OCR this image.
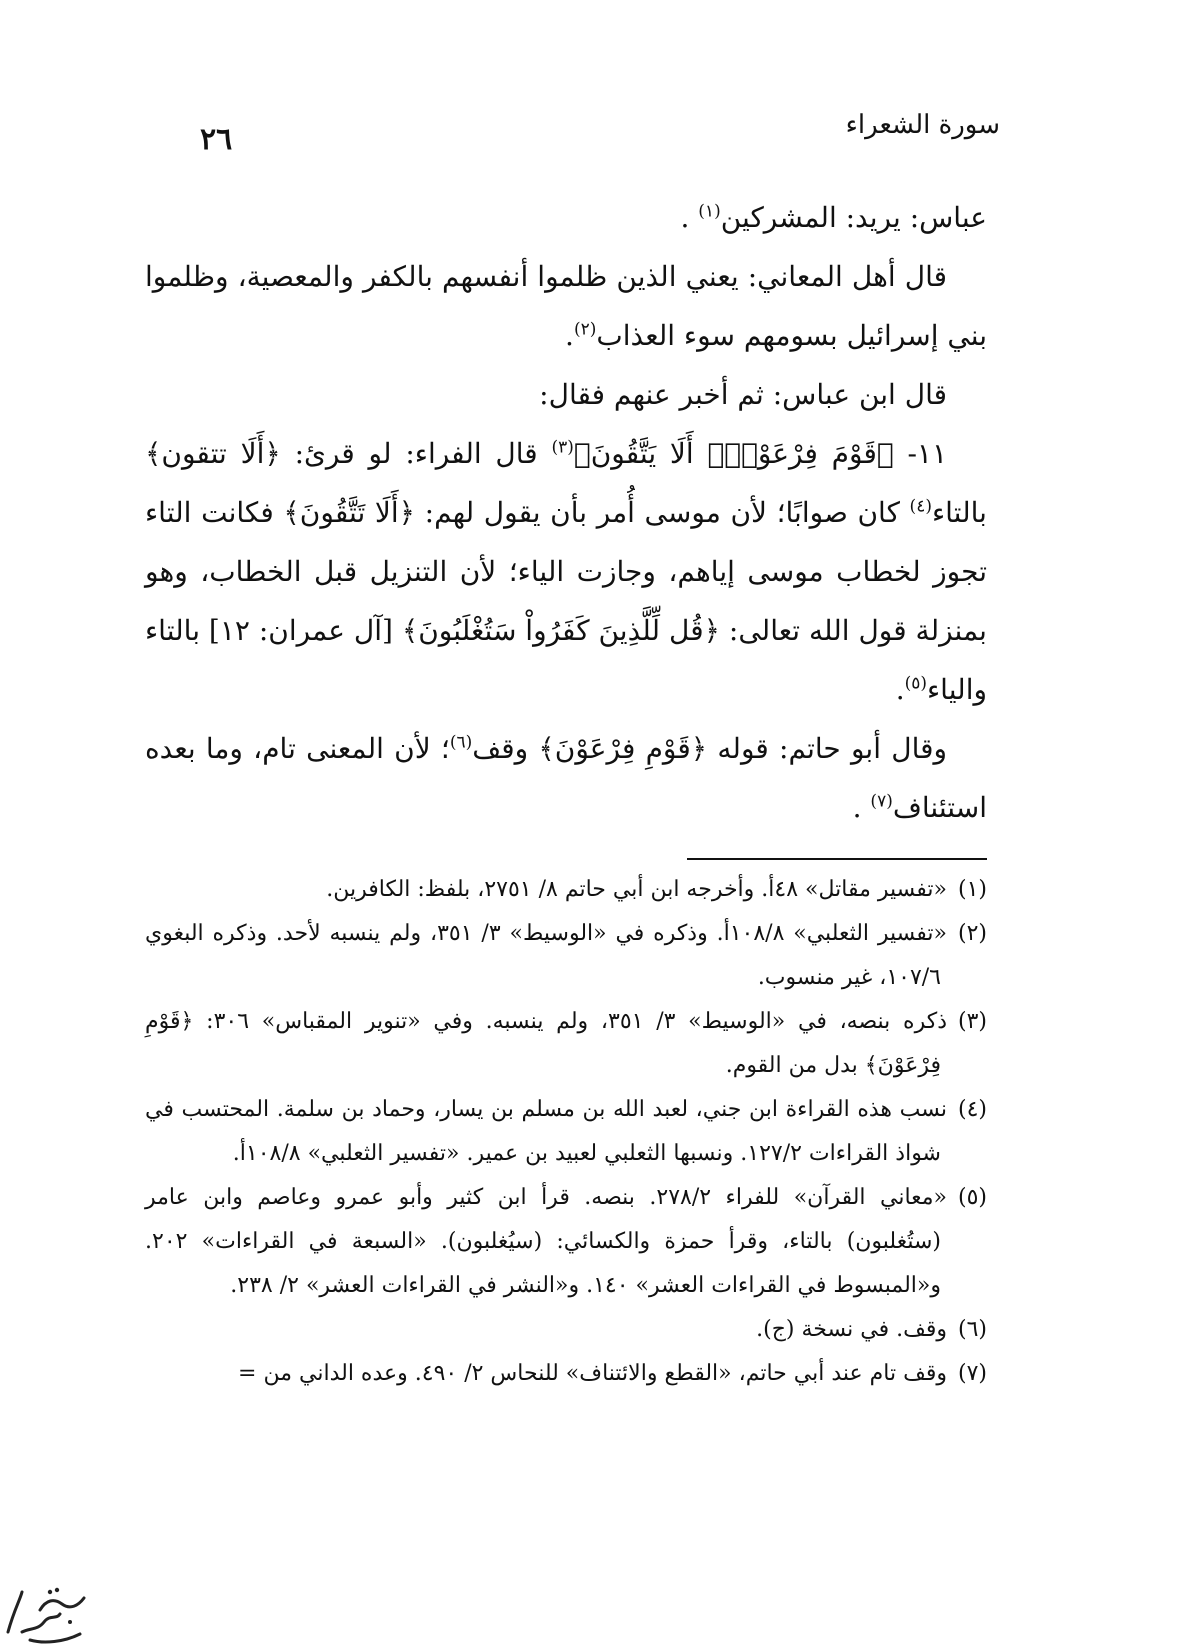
سورة الشعراء
٢٦

عباس: يريد: المشركين$^{(١)}$ .

قال أهل المعاني: يعني الذين ظلموا أنفسهم بالكفر والمعصية، وظلموا بني إسرائيل بسومهم سوء العذاب$^{(٢)}$.

قال ابن عباس: ثم أخبر عنهم فقال:

١١- ﴿قَوْمَ فِرْعَوْنَۚ أَلَا يَتَّقُونَ﴾$^{(٣)}$ قال الفراء: لو قرئ: ﴿أَلَا تتقون﴾ بالتاء$^{(٤)}$ كان صوابًا؛ لأن موسى أُمر بأن يقول لهم: ﴿أَلَا تَتَّقُونَ﴾ فكانت التاء تجوز لخطاب موسى إياهم، وجازت الياء؛ لأن التنزيل قبل الخطاب، وهو بمنزلة قول الله تعالى: ﴿قُل لِّلَّذِينَ كَفَرُواْ سَتُغْلَبُونَ﴾ [آل عمران: ١٢] بالتاء والياء$^{(٥)}$.

وقال أبو حاتم: قوله ﴿قَوْمِ فِرْعَوْنَ﴾ وقف$^{(٦)}$؛ لأن المعنى تام، وما بعده استئناف$^{(٧)}$ .

(١)«تفسير مقاتل» ٤٨أ. وأخرجه ابن أبي حاتم ٨/ ٢٧٥١، بلفظ: الكافرين.

(٢)«تفسير الثعلبي» ١٠٨/٨أ. وذكره في «الوسيط» ٣/ ٣٥١، ولم ينسبه لأحد. وذكره البغوي ١٠٧/٦، غير منسوب.

(٣)ذكره بنصه، في «الوسيط» ٣/ ٣٥١، ولم ينسبه. وفي «تنوير المقباس» ٣٠٦: ﴿قَوْمِ فِرْعَوْنَ﴾ بدل من القوم.

(٤)نسب هذه القراءة ابن جني، لعبد الله بن مسلم بن يسار، وحماد بن سلمة. المحتسب في شواذ القراءات ١٢٧/٢. ونسبها الثعلبي لعبيد بن عمير. «تفسير الثعلبي» ١٠٨/٨أ.

(٥)«معاني القرآن» للفراء ٢٧٨/٢. بنصه. قرأ ابن كثير وأبو عمرو وعاصم وابن عامر (ستُغلبون) بالتاء، وقرأ حمزة والكسائي: (سيُغلبون). «السبعة في القراءات» ٢٠٢. و«المبسوط في القراءات العشر» ١٤٠. و«النشر في القراءات العشر» ٢/ ٢٣٨.

(٦)وقف. في نسخة (ج).

(٧)وقف تام عند أبي حاتم، «القطع والائتناف» للنحاس ٢/ ٤٩٠. وعده الداني من =
